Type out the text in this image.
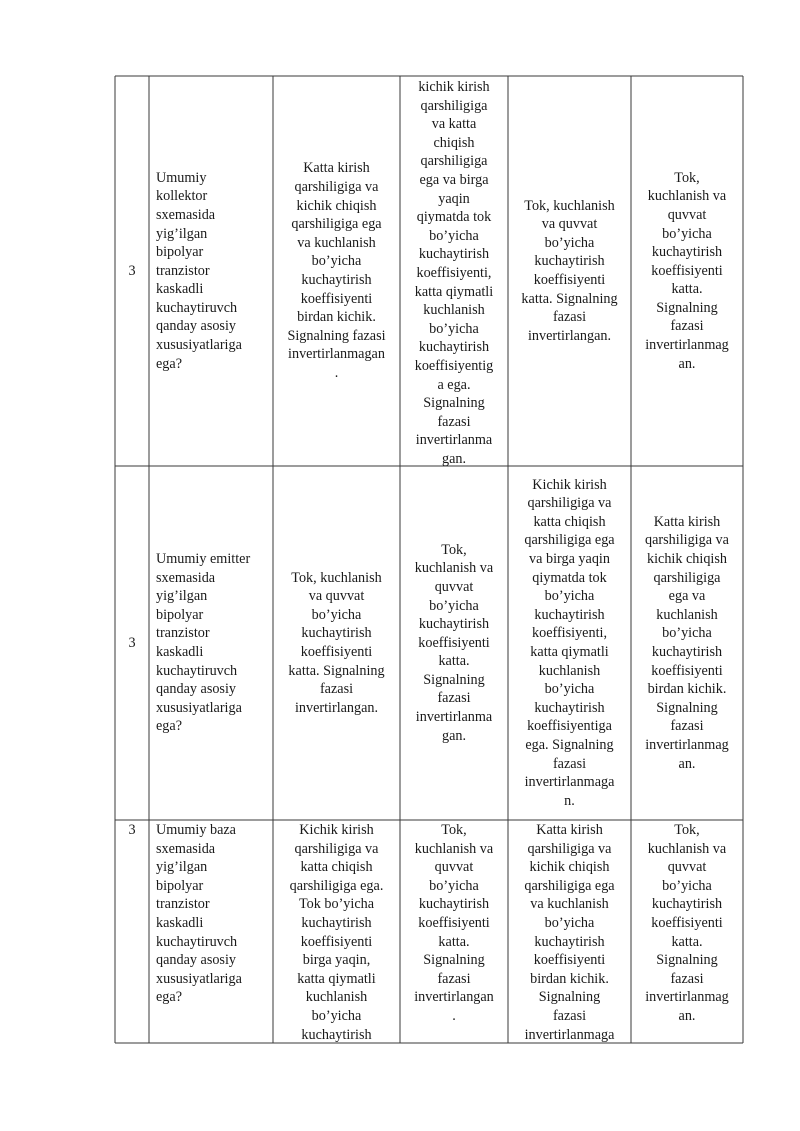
3
Umumiy
kollektor
sxemasida
yig’ilgan
bipolyar
tranzistor
kaskadli
kuchaytiruvch
qanday asosiy
xususiyatlariga
ega?
Katta kirish
qarshiligiga va
kichik chiqish
qarshiligiga ega
va kuchlanish
bo’yicha
kuchaytirish
koeffisiyenti
birdan kichik.
Signalning fazasi
invertirlanmagan
.
kichik kirish
qarshiligiga
va katta
chiqish
qarshiligiga
ega va birga
yaqin
qiymatda tok
bo’yicha
kuchaytirish
koeffisiyenti,
katta qiymatli
kuchlanish
bo’yicha
kuchaytirish
koeffisiyentig
a ega.
Signalning
fazasi
invertirlanma
gan.
Tok, kuchlanish
va quvvat
bo’yicha
kuchaytirish
koeffisiyenti
katta. Signalning
fazasi
invertirlangan.
Tok,
kuchlanish va
quvvat
bo’yicha
kuchaytirish
koeffisiyenti
katta.
Signalning
fazasi
invertirlanmag
an.
3
Umumiy emitter
sxemasida
yig’ilgan
bipolyar
tranzistor
kaskadli
kuchaytiruvch
qanday asosiy
xususiyatlariga
ega?
Tok, kuchlanish
va quvvat
bo’yicha
kuchaytirish
koeffisiyenti
katta. Signalning
fazasi
invertirlangan.
Tok,
kuchlanish va
quvvat
bo’yicha
kuchaytirish
koeffisiyenti
katta.
Signalning
fazasi
invertirlanma
gan.
Kichik kirish
qarshiligiga va
katta chiqish
qarshiligiga ega
va birga yaqin
qiymatda tok
bo’yicha
kuchaytirish
koeffisiyenti,
katta qiymatli
kuchlanish
bo’yicha
kuchaytirish
koeffisiyentiga
ega. Signalning
fazasi
invertirlanmaga
n.
Katta kirish
qarshiligiga va
kichik chiqish
qarshiligiga
ega va
kuchlanish
bo’yicha
kuchaytirish
koeffisiyenti
birdan kichik.
Signalning
fazasi
invertirlanmag
an.
3 Umumiy baza
sxemasida
yig’ilgan
bipolyar
tranzistor
kaskadli
kuchaytiruvch
qanday asosiy
xususiyatlariga
ega?
Kichik kirish
qarshiligiga va
katta chiqish
qarshiligiga ega.
Tok bo’yicha
kuchaytirish
koeffisiyenti
birga yaqin,
katta qiymatli
kuchlanish
bo’yicha
kuchaytirish
Tok,
kuchlanish va
quvvat
bo’yicha
kuchaytirish
koeffisiyenti
katta.
Signalning
fazasi
invertirlangan
.
Katta kirish
qarshiligiga va
kichik chiqish
qarshiligiga ega
va kuchlanish
bo’yicha
kuchaytirish
koeffisiyenti
birdan kichik.
Signalning
fazasi
invertirlanmaga
Tok,
kuchlanish va
quvvat
bo’yicha
kuchaytirish
koeffisiyenti
katta.
Signalning
fazasi
invertirlanmag
an.
